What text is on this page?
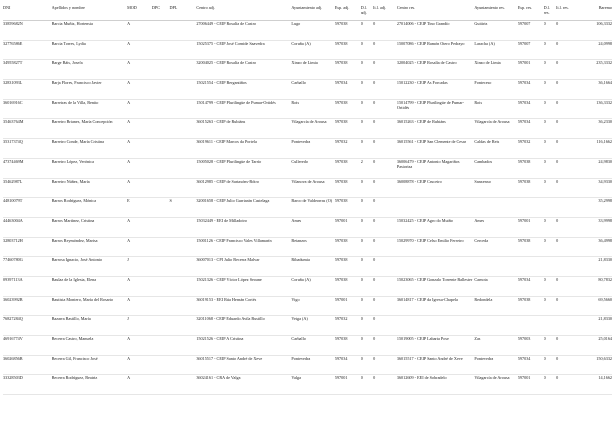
DNI	Apellidos y nombre	MOD	DPC	DPL	Centro adj.	Ayuntamiento adj.	Esp. adj.	D.l. adj.	It.l. adj.	Centro res.	Ayuntamiento res.	Esp. res.	D.l. res.	It.l. res.	Baremo
33859682N	Barcia Muñiz, Hortensia	A			27006449 - CEIP Rosalía de Castro	Lugo	597038	0	0	27014006 - CEIP Tino Grandío	Guitiriz	597007	0	0	106,3332
32776586E	Barcia Torres, Lydia	A			15025375 - CEIP José Cornide Saavedra	Coruña (A)	597038	0	0	15007086 - CEIP Ramón Otero Pedrayo	Laracha (A)	597007	0	0	24,0998
34955827T	Barge Báis, Josefa	A			32004025 - CEIP Rosalía de Castro	Xinzo de Limia	597038	0	0	32004025 - CEIP Rosalía de Castro	Xinzo de Limia	597001	0	0	235,3332
32831093L	Barja Flores, Francisco Javier	A			15021554 - CEIP Bergantiños	Carballo	597034	0	0	15012230 - CEIP As Forcadas	Fonteceso	597034	0	0	36,1664
36016916C	Barreiras de la Villa, Benito	A			15014799 - CEIP Plurilingüe de Pumar-Ortidés	Rois	597038	0	0	15014799 - CEIP Plurilingüe de Pumar-Ortidés	Rois	597034	0	0	136,3332
35463764M	Barreiro Brianes, María Concepción	A			36015263 - CEIP de Rubiáns	Vilagarcía de Arousa	597038	0	0	36015263 - CEIP de Rubiáns	Vilagarcía de Arousa	597034	0	0	36,2330
35317374Q	Barreiro Conde, María Cristina	A			36019611 - CEIP Marcos da Portela	Pontevedra	597032	0	0	36015561 - CEIP San Clemente de Cesar	Caldas de Reis	597032	0	0	116,1662
47374469M	Barreiro López, Verónica	A			15005028 - CEIP Plurilingüe de Tarrío	Culleredo	597038	2	0	36006479 - CEIP Antonio Magariños Pastoriza	Cambados	597038	0	0	24,9830
35462987L	Barreiro Núñez, María	A			36012985 - CEIP de Sartaxóns-Bóiro	Vilanova de Arousa	597038	0	0	36008878 - CEIP Cruceiro	Sanxenxo	597038	0	0	34,9330
44810079T	Barros Rodríguez, Mónica	E		S	32001658 - CEIP Julio Gurriarán Castelaga	Barco de Valdeorras (O)	597038	0	0						35,2998
44463004A	Barros Martínez, Cristina	A			15032449 - EEI de Milladoiro	Ames	597001	0	0	15032425 - CEIP Agro do Muiño	Ames	597001	0	0	33,9998
32803712H	Barros Reymóndez, Marisa	A			15001126 - CEIP Francisco Vales Villamarín	Betanzos	597038	0	0	15029970 - CEIP Celso Emilio Ferreiro	Cerceda	597038	0	0	36,4998
77460780G	Barrosa Ignacio, José Antonio	J			36007013 - CPI Julio Becerra Malvar	Ribadumia	597038	0	0						21,8330
09397113A	Baulaz de la Iglesia, Elena	A			15021326 - CEIP Víctor López Seoane	Coruña (A)	597038	0	0	15023065 - CEIP Gonzalo Torrente Ballester	Carnota	597034	0	0	80,7832
36023992B	Bautista Montero, María del Rosario	A			36019153 - EEI Rúa Hernán Cortés	Vigo	597001	0	0	36014817 - CEIP da Igrexa-Chapela	Redondela	597038	0	0	69,5660
76827284Q	Bazarra Bastillo, María	J			32011068 - CEIP Eduardo Avila Bustillo	Veiga (A)	597032	0	0						21,8330
46916774V	Becerra Castro, Manuela	A			15021526 - CEIP A Cristina	Carballo	597038	0	0	15019005 - CEIP Labarta Pose	Zas	597003	0	0	25,0164
36026856B	Becerra Gil, Francisco José	A			36015517 - CEIP Santo André de Xeve	Pontevedra	597034	0	0	36015517 - CEIP Santo André de Xeve	Pontevedra	597034	0	0	150,6332
33328503D	Becerra Rodríguez, Beatriz	A			36024161 - CRA de Valga	Valga	597001	0	0	36012609 - EEI de Sobradelo	Vilagarcía de Arousa	597001	0	0	14,1662
